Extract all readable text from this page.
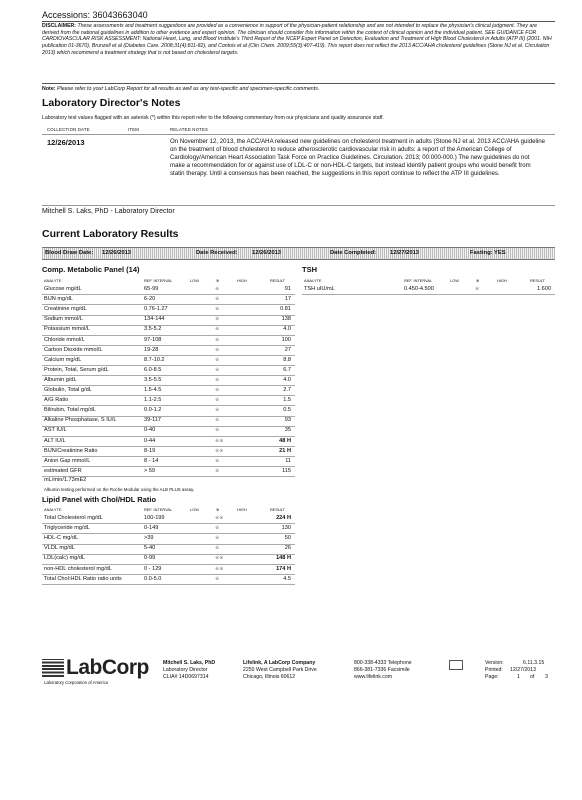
Accessions: 36043663040
DISCLAIMER: These assessments and treatment suggestions are provided as a convenience in support of the physician-patient relationship and are not intended to replace the physician's clinical judgment. They are derived from the national guidelines in addition to other evidence and expert opinion. The clinician should consider this information within the context of clinical opinion and the individual patient. SEE GUIDANCE FOR CARDIOVASCULAR RISK ASSESSMENT: National Heart, Lung, and Blood Institute's Third Report of the NCEP Expert Panel on Detection, Evaluation and Treatment of High Blood Cholesterol in Adults (ATP III) (2001. NIH publication 01-3670), Brunzell et al (Diabetes Care. 2008;31(4):811-82), and Contois et al (Clin Chem. 2009;55(3):407-419). This report does not reflect the 2013 ACC/AHA cholesterol guidelines (Stone NJ et al. Circulation 2013) which recommend a treatment strategy that is not based on cholesterol targets.
Note: Please refer to your LabCorp Report for all results as well as any test-specific and specimen-specific comments.
Laboratory Director's Notes
Laboratory test values flagged with an asterisk (*) within this report refer to the following commentary from our physicians and quality assurance staff.
COLLECTION DATE	ITEM	RELATED NOTES
12/26/2013	On November 12, 2013, the ACC/AHA released new guidelines on cholesterol treatment in adults (Stone NJ et al. 2013 ACC/AHA guideline on the treatment of blood cholesterol to reduce atherosclerotic cardiovascular risk in adults: a report of the American College of Cardiology/American Heart Association Task Force on Practice Guidelines. Circulation. 2013; 00:000-000.) The new guidelines do not make a recommendation for or against use of LDL-C or non-HDL-C targets, but instead identify patient groups who would benefit from statin therapy. Until a consensus has been reached, the suggestions in this report continue to reflect the ATP III guidelines.
Mitchell S. Laks, PhD - Laboratory Director
Current Laboratory Results
Blood Draw Date: 12/26/2013	Date Received: 12/26/2013	Date Completed: 12/27/2013	Fasting: YES
Comp. Metabolic Panel (14)
ANALYTE	REF. INTERVAL	LOW	※	HIGH	RESULT
Glucose mg/dL	65-99	※	91
BUN mg/dL	6-20	※	17
Creatinine mg/dL	0.76-1.27	※	0.81
Sodium mmol/L	134-144	※	138
Potassium mmol/L	3.5-5.2	※	4.0
Chloride mmol/L	97-108	※	100
Carbon Dioxide mmol/L	19-28	※	27
Calcium mg/dL	8.7-10.2	※	8.8
Protein, Total, Serum g/dL	6.0-8.5	※	6.7
Albumin g/dL	3.5-5.5	※	4.0
Globulin, Total g/dL	1.5-4.5	※	2.7
A/G Ratio	1.1-2.5	※	1.5
Bilirubin, Total mg/dL	0.0-1.2	※	0.5
Alkaline Phosphatase, S IU/L	39-117	※	93
AST IU/L	0-40	※	35
ALT IU/L	0-44	※※	48 H
BUN/Creatinine Ratio	8-19	※※	21 H
Anion Gap mmol/L	8 - 14	※	11
estimated GFR	> 59	※	115
mL/min/1.73mE2
Albumin testing performed on the Roche Modular using the ALB PLUS assay.
TSH
ANALYTE	REF. INTERVAL	LOW	※	HIGH	RESULT
TSH uIU/mL	0.450-4.500	※	1.600
Lipid Panel with Chol/HDL Ratio
ANALYTE	REF. INTERVAL	LOW	※	HIGH	RESULT
Total Cholesterol mg/dL	100-199	※※	224 H
Triglyceride mg/dL	0-149	※	130
HDL-C mg/dL	>39	※	50
VLDL mg/dL	5-40	※	26
LDL(calc) mg/dL	0-99	※※	148 H
non-HDL cholesterol mg/dL	0 - 129	※※	174 H
Total Chol:HDL Ratio ratio units	0.0-5.0	※	4.5
LabCorp
Laboratory Corporation of America
Mitchell S. Laks, PhD
Laboratory Director
CLIA# 14D0697314
Lifelink, A LabCorp Company
2250 West Campbell Park Drive
Chicago, Illinois 60612
800-338-4333 Telephone
866-381-7336 Facsimile
www.lifelink.com
Version:	6.11.3.15
Printed: 12/27/2013
Page:	1 of 3
